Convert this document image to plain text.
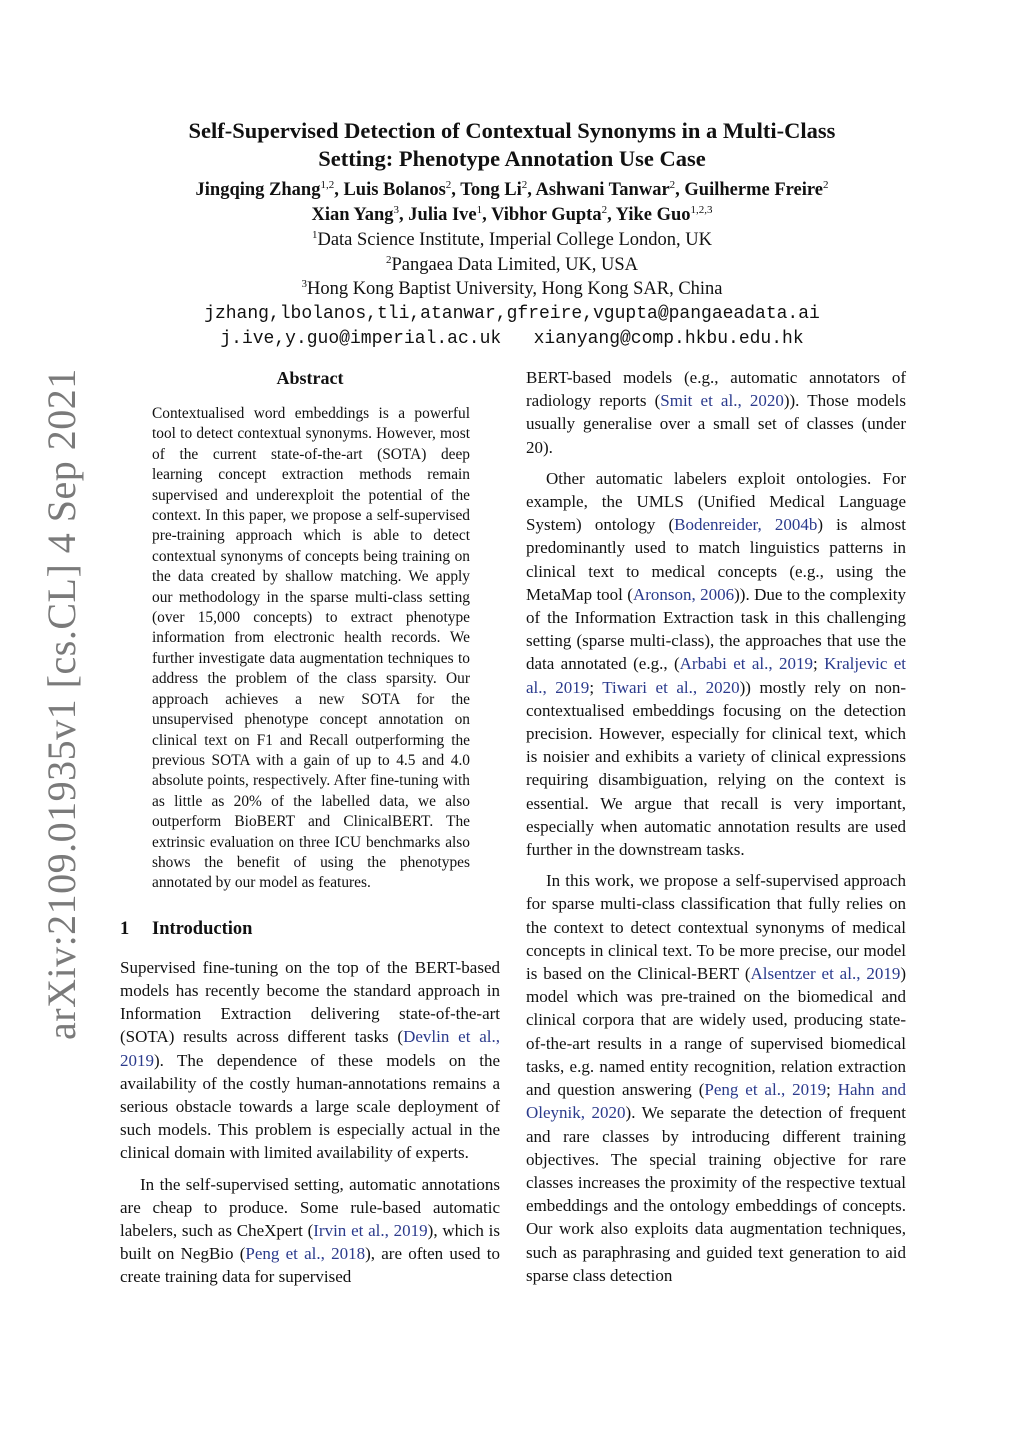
arXiv:2109.01935v1 [cs.CL] 4 Sep 2021
Self-Supervised Detection of Contextual Synonyms in a Multi-Class
Setting: Phenotype Annotation Use Case
Jingqing Zhang$^{1,2}$, Luis Bolanos$^2$, Tong Li$^2$, Ashwani Tanwar$^2$, Guilherme Freire$^2$
Xian Yang$^3$, Julia Ive$^1$, Vibhor Gupta$^2$, Yike Guo$^{1,2,3}$
$^1$Data Science Institute, Imperial College London, UK
$^2$Pangaea Data Limited, UK, USA
$^3$Hong Kong Baptist University, Hong Kong SAR, China
jzhang,lbolanos,tli,atanwar,gfreire,vgupta@pangaeadata.ai
j.ive,y.guo@imperial.ac.uk   xianyang@comp.hkbu.edu.hk
Abstract

Contextualised word embeddings is a powerful tool to detect contextual synonyms. However, most of the current state-of-the-art (SOTA) deep learning concept extraction methods remain supervised and underexploit the potential of the context. In this paper, we propose a self-supervised pre-training approach which is able to detect contextual synonyms of concepts being training on the data created by shallow matching. We apply our methodology in the sparse multi-class setting (over 15,000 concepts) to extract phenotype information from electronic health records. We further investigate data augmentation techniques to address the problem of the class sparsity. Our approach achieves a new SOTA for the unsupervised phenotype concept annotation on clinical text on F1 and Recall outperforming the previous SOTA with a gain of up to 4.5 and 4.0 absolute points, respectively. After fine-tuning with as little as 20% of the labelled data, we also outperform BioBERT and ClinicalBERT. The extrinsic evaluation on three ICU benchmarks also shows the benefit of using the phenotypes annotated by our model as features.

1 Introduction

Supervised fine-tuning on the top of the BERT-based models has recently become the standard approach in Information Extraction delivering state-of-the-art (SOTA) results across different tasks (Devlin et al., 2019). The dependence of these models on the availability of the costly human-annotations remains a serious obstacle towards a large scale deployment of such models. This problem is especially actual in the clinical domain with limited availability of experts.

In the self-supervised setting, automatic annotations are cheap to produce. Some rule-based automatic labelers, such as CheXpert (Irvin et al., 2019), which is built on NegBio (Peng et al., 2018), are often used to create training data for supervised

BERT-based models (e.g., automatic annotators of radiology reports (Smit et al., 2020)). Those models usually generalise over a small set of classes (under 20).

Other automatic labelers exploit ontologies. For example, the UMLS (Unified Medical Language System) ontology (Bodenreider, 2004b) is almost predominantly used to match linguistics patterns in clinical text to medical concepts (e.g., using the MetaMap tool (Aronson, 2006)). Due to the complexity of the Information Extraction task in this challenging setting (sparse multi-class), the approaches that use the data annotated (e.g., (Arbabi et al., 2019; Kraljevic et al., 2019; Tiwari et al., 2020)) mostly rely on non-contextualised embeddings focusing on the detection precision. However, especially for clinical text, which is noisier and exhibits a variety of clinical expressions requiring disambiguation, relying on the context is essential. We argue that recall is very important, especially when automatic annotation results are used further in the downstream tasks.

In this work, we propose a self-supervised approach for sparse multi-class classification that fully relies on the context to detect contextual synonyms of medical concepts in clinical text. To be more precise, our model is based on the Clinical-BERT (Alsentzer et al., 2019) model which was pre-trained on the biomedical and clinical corpora that are widely used, producing state-of-the-art results in a range of supervised biomedical tasks, e.g. named entity recognition, relation extraction and question answering (Peng et al., 2019; Hahn and Oleynik, 2020). We separate the detection of frequent and rare classes by introducing different training objectives. The special training objective for rare classes increases the proximity of the respective textual embeddings and the ontology embeddings of concepts. Our work also exploits data augmentation techniques, such as paraphrasing and guided text generation to aid sparse class detection
